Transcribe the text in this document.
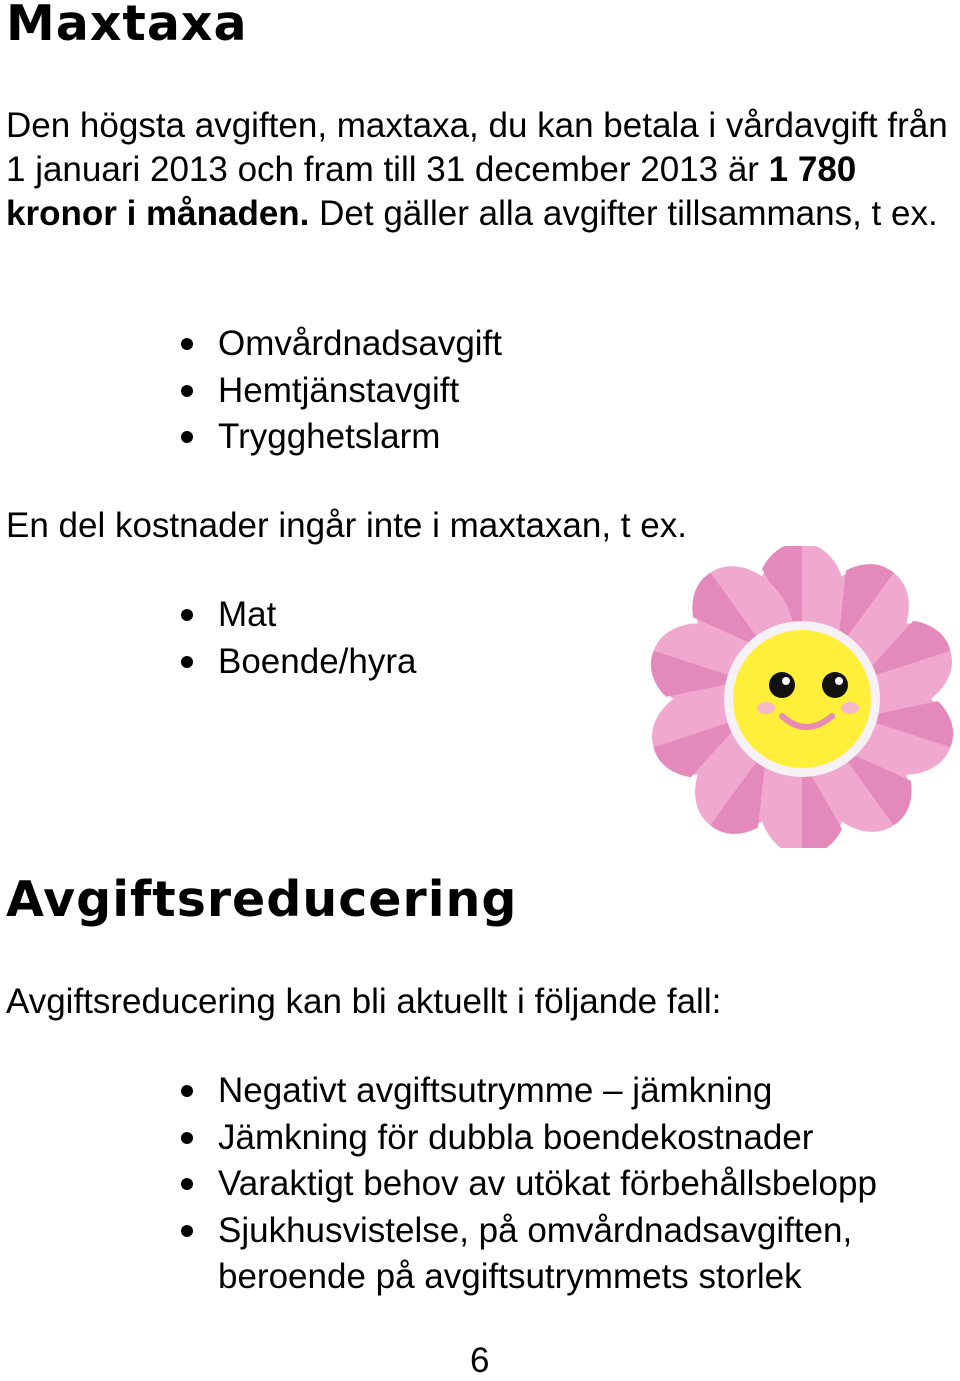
Maxtaxa

Den högsta avgiften, maxtaxa, du kan betala i vårdavgift från 1 januari 2013 och fram till 31 december 2013 är 1 780 kronor i månaden. Det gäller alla avgifter tillsammans, t ex.

Omvårdnadsavgift
Hemtjänstavgift
Trygghetslarm

En del kostnader ingår inte i maxtaxan, t ex.

Mat
Boende/hyra
Avgiftsreducering

Avgiftsreducering kan bli aktuellt i följande fall:

Negativt avgiftsutrymme – jämkning
Jämkning för dubbla boendekostnader
Varaktigt behov av utökat förbehållsbelopp
Sjukhusvistelse, på omvårdnadsavgiften, beroende på avgiftsutrymmets storlek
6
